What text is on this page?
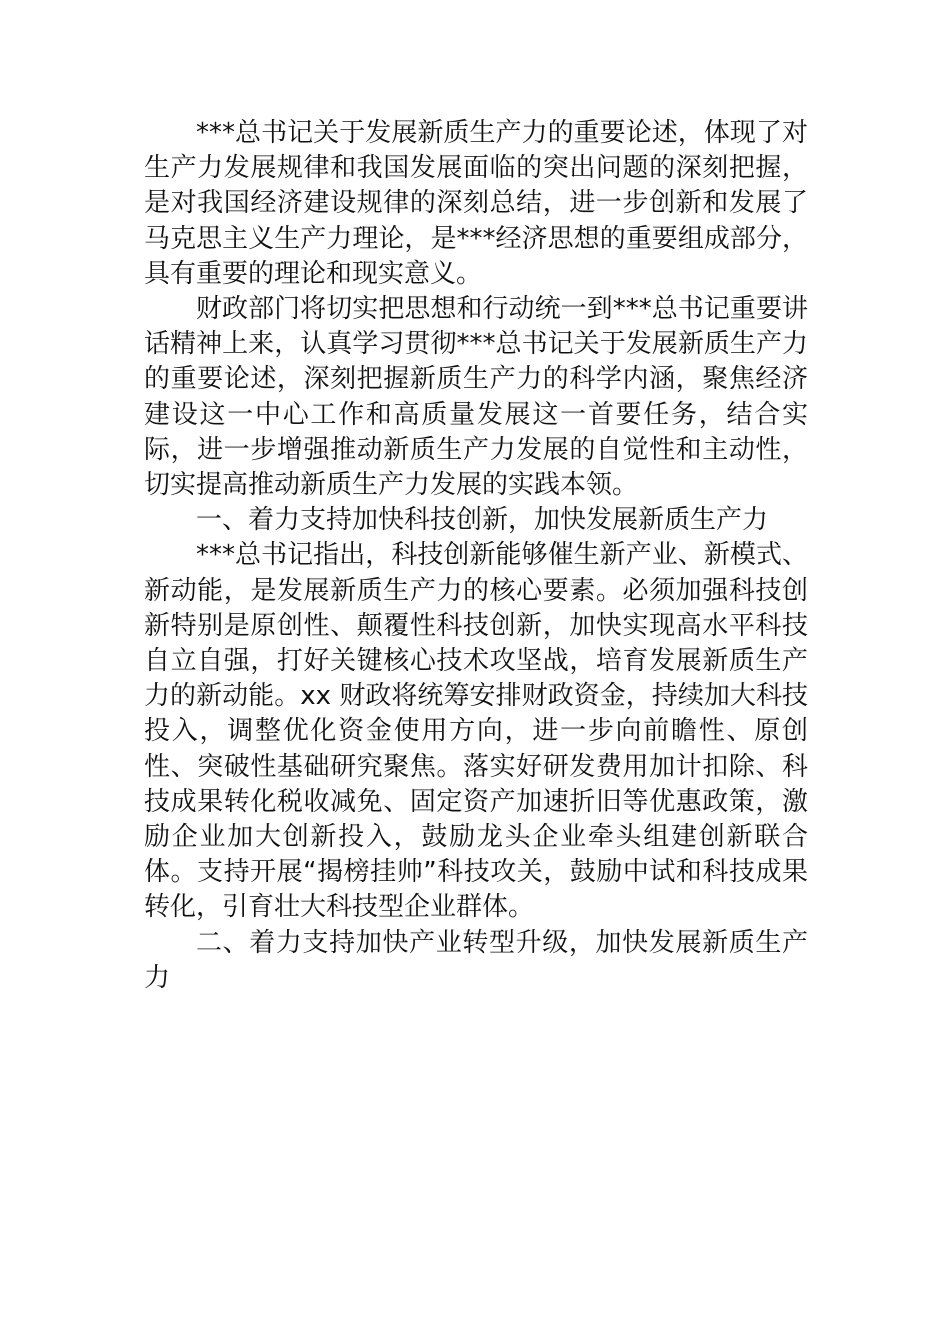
***总书记关于发展新质生产力的重要论述，体现了对生产力发展规律和我国发展面临的突出问题的深刻把握，是对我国经济建设规律的深刻总结，进一步创新和发展了马克思主义生产力理论，是***经济思想的重要组成部分，具有重要的理论和现实意义。

财政部门将切实把思想和行动统一到***总书记重要讲话精神上来，认真学习贯彻***总书记关于发展新质生产力的重要论述，深刻把握新质生产力的科学内涵，聚焦经济建设这一中心工作和高质量发展这一首要任务，结合实际，进一步增强推动新质生产力发展的自觉性和主动性，切实提高推动新质生产力发展的实践本领。

一、着力支持加快科技创新，加快发展新质生产力

***总书记指出，科技创新能够催生新产业、新模式、新动能，是发展新质生产力的核心要素。必须加强科技创新特别是原创性、颠覆性科技创新，加快实现高水平科技自立自强，打好关键核心技术攻坚战，培育发展新质生产力的新动能。xx 财政将统筹安排财政资金，持续加大科技投入，调整优化资金使用方向，进一步向前瞻性、原创性、突破性基础研究聚焦。落实好研发费用加计扣除、科技成果转化税收减免、固定资产加速折旧等优惠政策，激励企业加大创新投入，鼓励龙头企业牵头组建创新联合体。支持开展“揭榜挂帅”科技攻关，鼓励中试和科技成果转化，引育壮大科技型企业群体。

二、着力支持加快产业转型升级，加快发展新质生产力
